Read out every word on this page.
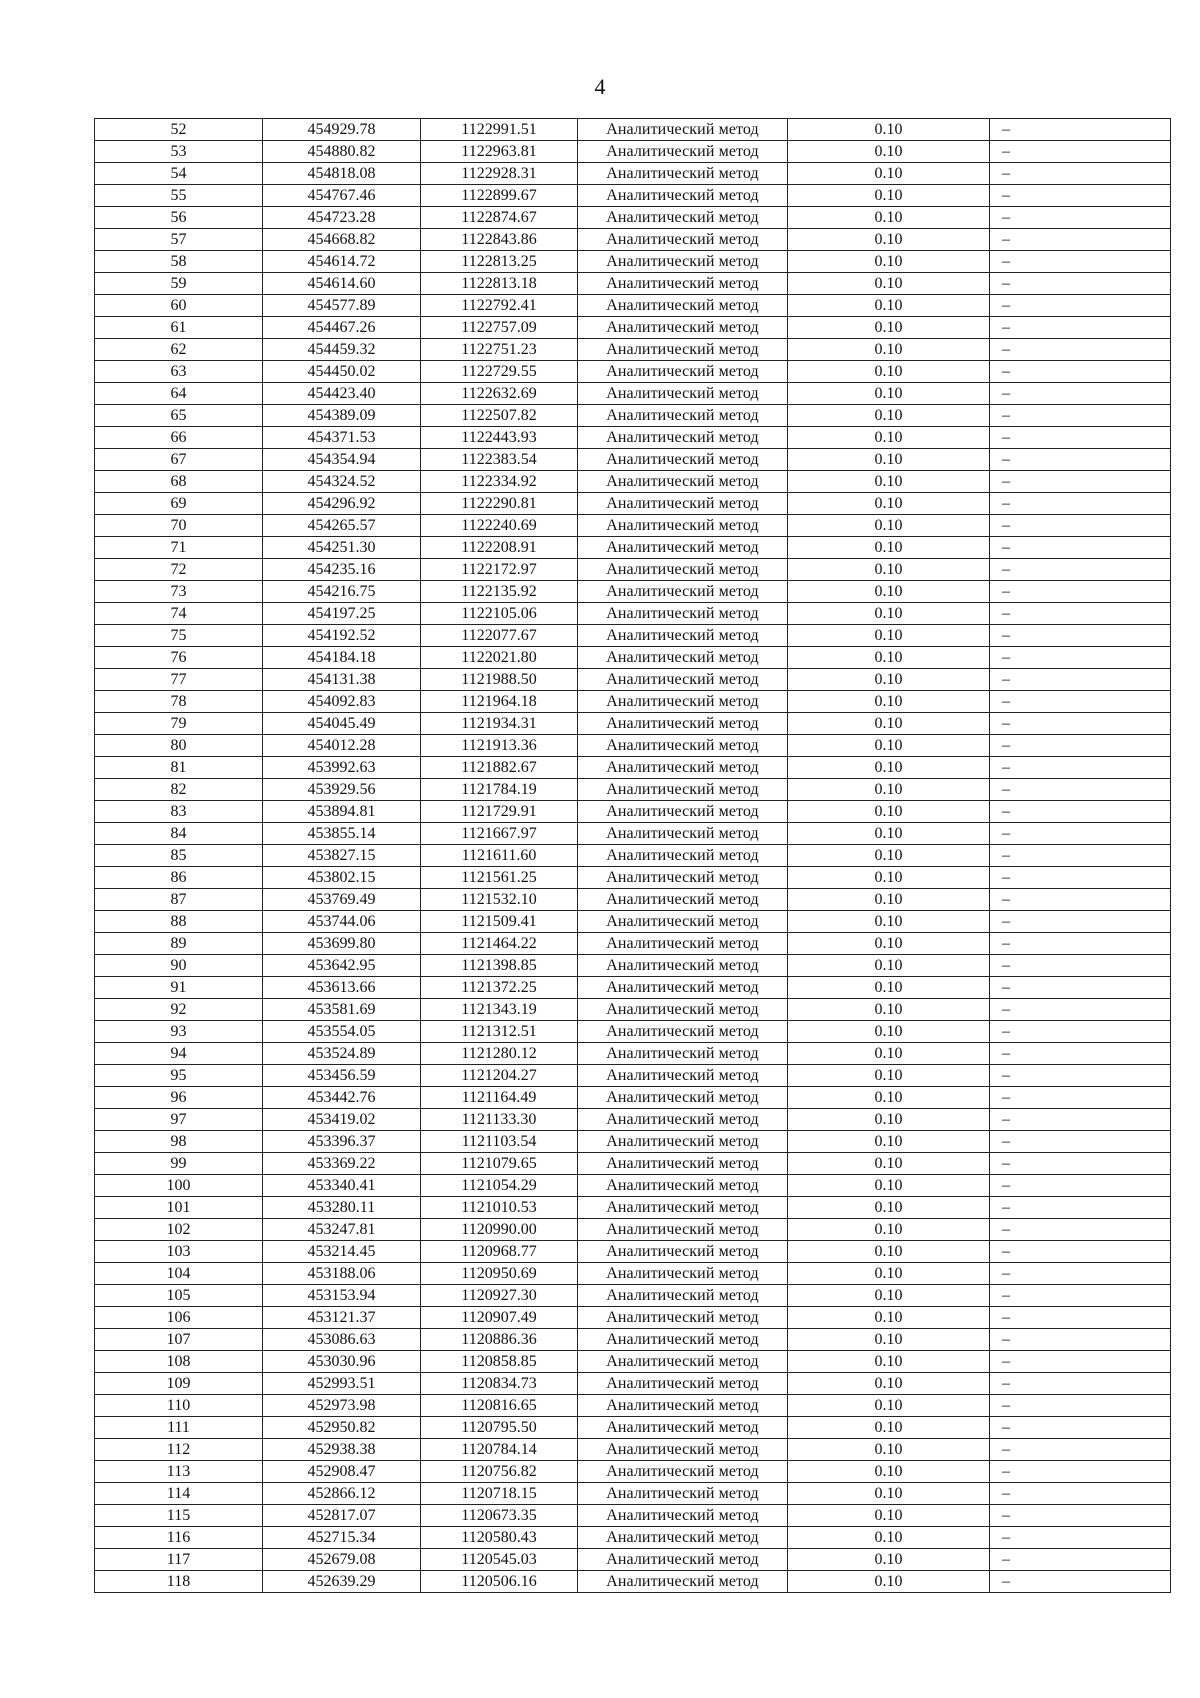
4
52	454929.78	1122991.51	Аналитический метод	0.10	–
53	454880.82	1122963.81	Аналитический метод	0.10	–
54	454818.08	1122928.31	Аналитический метод	0.10	–
55	454767.46	1122899.67	Аналитический метод	0.10	–
56	454723.28	1122874.67	Аналитический метод	0.10	–
57	454668.82	1122843.86	Аналитический метод	0.10	–
58	454614.72	1122813.25	Аналитический метод	0.10	–
59	454614.60	1122813.18	Аналитический метод	0.10	–
60	454577.89	1122792.41	Аналитический метод	0.10	–
61	454467.26	1122757.09	Аналитический метод	0.10	–
62	454459.32	1122751.23	Аналитический метод	0.10	–
63	454450.02	1122729.55	Аналитический метод	0.10	–
64	454423.40	1122632.69	Аналитический метод	0.10	–
65	454389.09	1122507.82	Аналитический метод	0.10	–
66	454371.53	1122443.93	Аналитический метод	0.10	–
67	454354.94	1122383.54	Аналитический метод	0.10	–
68	454324.52	1122334.92	Аналитический метод	0.10	–
69	454296.92	1122290.81	Аналитический метод	0.10	–
70	454265.57	1122240.69	Аналитический метод	0.10	–
71	454251.30	1122208.91	Аналитический метод	0.10	–
72	454235.16	1122172.97	Аналитический метод	0.10	–
73	454216.75	1122135.92	Аналитический метод	0.10	–
74	454197.25	1122105.06	Аналитический метод	0.10	–
75	454192.52	1122077.67	Аналитический метод	0.10	–
76	454184.18	1122021.80	Аналитический метод	0.10	–
77	454131.38	1121988.50	Аналитический метод	0.10	–
78	454092.83	1121964.18	Аналитический метод	0.10	–
79	454045.49	1121934.31	Аналитический метод	0.10	–
80	454012.28	1121913.36	Аналитический метод	0.10	–
81	453992.63	1121882.67	Аналитический метод	0.10	–
82	453929.56	1121784.19	Аналитический метод	0.10	–
83	453894.81	1121729.91	Аналитический метод	0.10	–
84	453855.14	1121667.97	Аналитический метод	0.10	–
85	453827.15	1121611.60	Аналитический метод	0.10	–
86	453802.15	1121561.25	Аналитический метод	0.10	–
87	453769.49	1121532.10	Аналитический метод	0.10	–
88	453744.06	1121509.41	Аналитический метод	0.10	–
89	453699.80	1121464.22	Аналитический метод	0.10	–
90	453642.95	1121398.85	Аналитический метод	0.10	–
91	453613.66	1121372.25	Аналитический метод	0.10	–
92	453581.69	1121343.19	Аналитический метод	0.10	–
93	453554.05	1121312.51	Аналитический метод	0.10	–
94	453524.89	1121280.12	Аналитический метод	0.10	–
95	453456.59	1121204.27	Аналитический метод	0.10	–
96	453442.76	1121164.49	Аналитический метод	0.10	–
97	453419.02	1121133.30	Аналитический метод	0.10	–
98	453396.37	1121103.54	Аналитический метод	0.10	–
99	453369.22	1121079.65	Аналитический метод	0.10	–
100	453340.41	1121054.29	Аналитический метод	0.10	–
101	453280.11	1121010.53	Аналитический метод	0.10	–
102	453247.81	1120990.00	Аналитический метод	0.10	–
103	453214.45	1120968.77	Аналитический метод	0.10	–
104	453188.06	1120950.69	Аналитический метод	0.10	–
105	453153.94	1120927.30	Аналитический метод	0.10	–
106	453121.37	1120907.49	Аналитический метод	0.10	–
107	453086.63	1120886.36	Аналитический метод	0.10	–
108	453030.96	1120858.85	Аналитический метод	0.10	–
109	452993.51	1120834.73	Аналитический метод	0.10	–
110	452973.98	1120816.65	Аналитический метод	0.10	–
111	452950.82	1120795.50	Аналитический метод	0.10	–
112	452938.38	1120784.14	Аналитический метод	0.10	–
113	452908.47	1120756.82	Аналитический метод	0.10	–
114	452866.12	1120718.15	Аналитический метод	0.10	–
115	452817.07	1120673.35	Аналитический метод	0.10	–
116	452715.34	1120580.43	Аналитический метод	0.10	–
117	452679.08	1120545.03	Аналитический метод	0.10	–
118	452639.29	1120506.16	Аналитический метод	0.10	–
